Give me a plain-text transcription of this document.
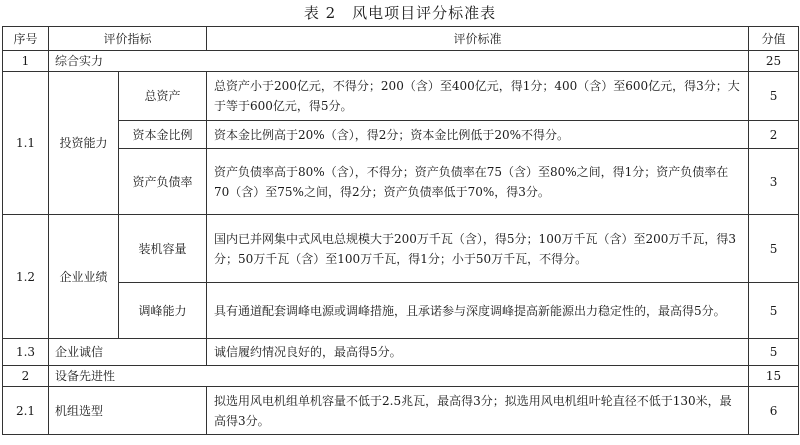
表 2　风电项目评分标准表
序号	评价指标		评价标准	分值
1	综合实力			25
1.1	投资能力	总资产	总资产小于200亿元，不得分；200（含）至400亿元，得1分；400（含）至600亿元，得3分；大于等于600亿元，得5分。	5
		资本金比例	资本金比例高于20%（含），得2分；资本金比例低于20%不得分。	2
		资产负债率	资产负债率高于80%（含），不得分；资产负债率在75（含）至80%之间，得1分；资产负债率在70（含）至75%之间，得2分；资产负债率低于70%，得3分。	3
1.2	企业业绩	装机容量	国内已并网集中式风电总规模大于200万千瓦（含），得5分；100万千瓦（含）至200万千瓦，得3分；50万千瓦（含）至100万千瓦，得1分；小于50万千瓦，不得分。	5
		调峰能力	具有通道配套调峰电源或调峰措施，且承诺参与深度调峰提高新能源出力稳定性的，最高得5分。	5
1.3	企业诚信		诚信履约情况良好的，最高得5分。	5
2	设备先进性			15
2.1	机组选型		拟选用风电机组单机容量不低于2.5兆瓦，最高得3分；拟选用风电机组叶轮直径不低于130米，最高得3分。	6
